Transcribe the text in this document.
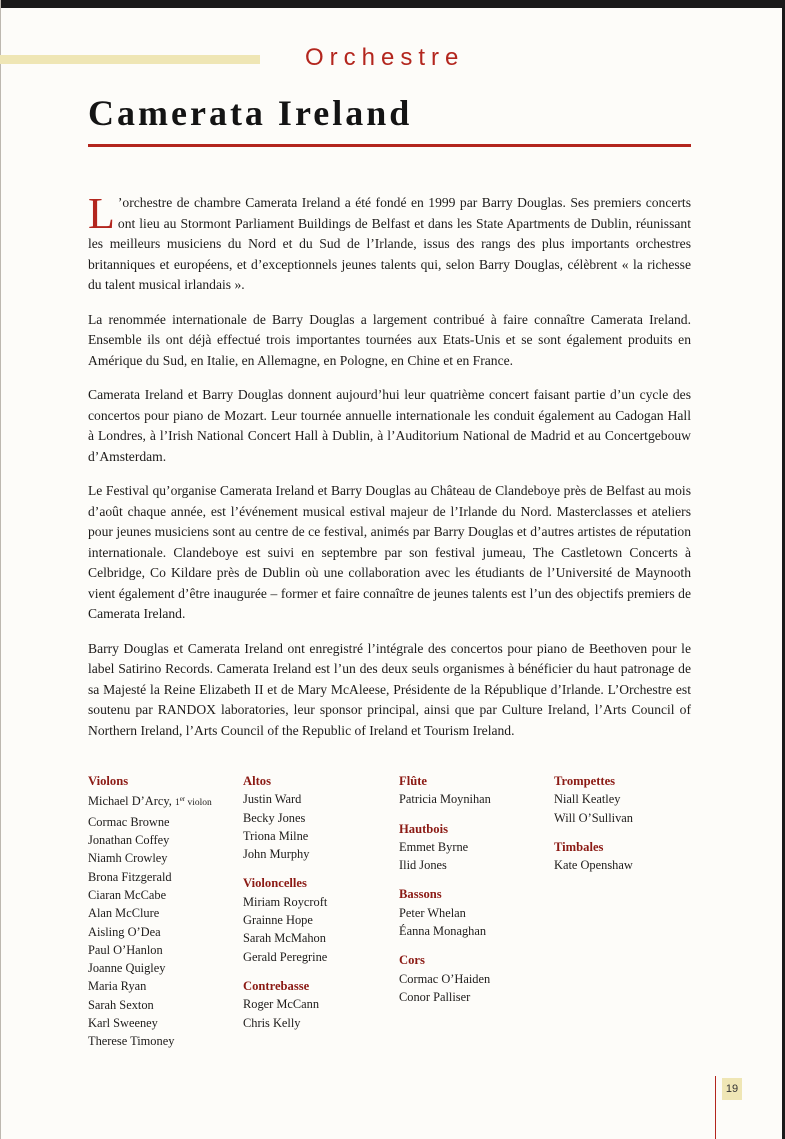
Orchestre
Camerata Ireland

L ’orchestre de chambre Camerata Ireland a été fondé en 1999 par Barry Douglas. Ses premiers concerts ont lieu au Stormont Parliament Buildings de Belfast et dans les State Apartments de Dublin, réunissant les meilleurs musiciens du Nord et du Sud de l’Irlande, issus des rangs des plus importants orchestres britanniques et européens, et d’exceptionnels jeunes talents qui, selon Barry Douglas, célèbrent « la richesse du talent musical irlandais ».

La renommée internationale de Barry Douglas a largement contribué à faire connaître Camerata Ireland. Ensemble ils ont déjà effectué trois importantes tournées aux Etats-Unis et se sont également produits en Amérique du Sud, en Italie, en Allemagne, en Pologne, en Chine et en France.

Camerata Ireland et Barry Douglas donnent aujourd’hui leur quatrième concert faisant partie d’un cycle des concertos pour piano de Mozart. Leur tournée annuelle internationale les conduit également au Cadogan Hall à Londres, à l’Irish National Concert Hall à Dublin, à l’Auditorium National de Madrid et au Concertgebouw d’Amsterdam.

Le Festival qu’organise Camerata Ireland et Barry Douglas au Château de Clandeboye près de Belfast au mois d’août chaque année, est l’événement musical estival majeur de l’Irlande du Nord. Masterclasses et ateliers pour jeunes musiciens sont au centre de ce festival, animés par Barry Douglas et d’autres artistes de réputation internationale. Clandeboye est suivi en septembre par son festival jumeau, The Castletown Concerts à Celbridge, Co Kildare près de Dublin où une collaboration avec les étudiants de l’Université de Maynooth vient également d’être inaugurée – former et faire connaître de jeunes talents est l’un des objectifs premiers de Camerata Ireland.

Barry Douglas et Camerata Ireland ont enregistré l’intégrale des concertos pour piano de Beethoven pour le label Satirino Records. Camerata Ireland est l’un des deux seuls organismes à bénéficier du haut patronage de sa Majesté la Reine Elizabeth II et de Mary McAleese, Présidente de la République d’Irlande. L’Orchestre est soutenu par RANDOX laboratories, leur sponsor principal, ainsi que par Culture Ireland, l’Arts Council of Northern Ireland, l’Arts Council of the Republic of Ireland et Tourism Ireland.

Violons
Michael D’Arcy, 1er violon
Cormac Browne
Jonathan Coffey
Niamh Crowley
Brona Fitzgerald
Ciaran McCabe
Alan McClure
Aisling O’Dea
Paul O’Hanlon
Joanne Quigley
Maria Ryan
Sarah Sexton
Karl Sweeney
Therese Timoney
Altos
Justin Ward
Becky Jones
Triona Milne
John Murphy
Violoncelles
Miriam Roycroft
Grainne Hope
Sarah McMahon
Gerald Peregrine
Contrebasse
Roger McCann
Chris Kelly
Flûte
Patricia Moynihan
Hautbois
Emmet Byrne
Ilid Jones
Bassons
Peter Whelan
Éanna Monaghan
Cors
Cormac O’Haiden
Conor Palliser
Trompettes
Niall Keatley
Will O’Sullivan
Timbales
Kate Openshaw
19
